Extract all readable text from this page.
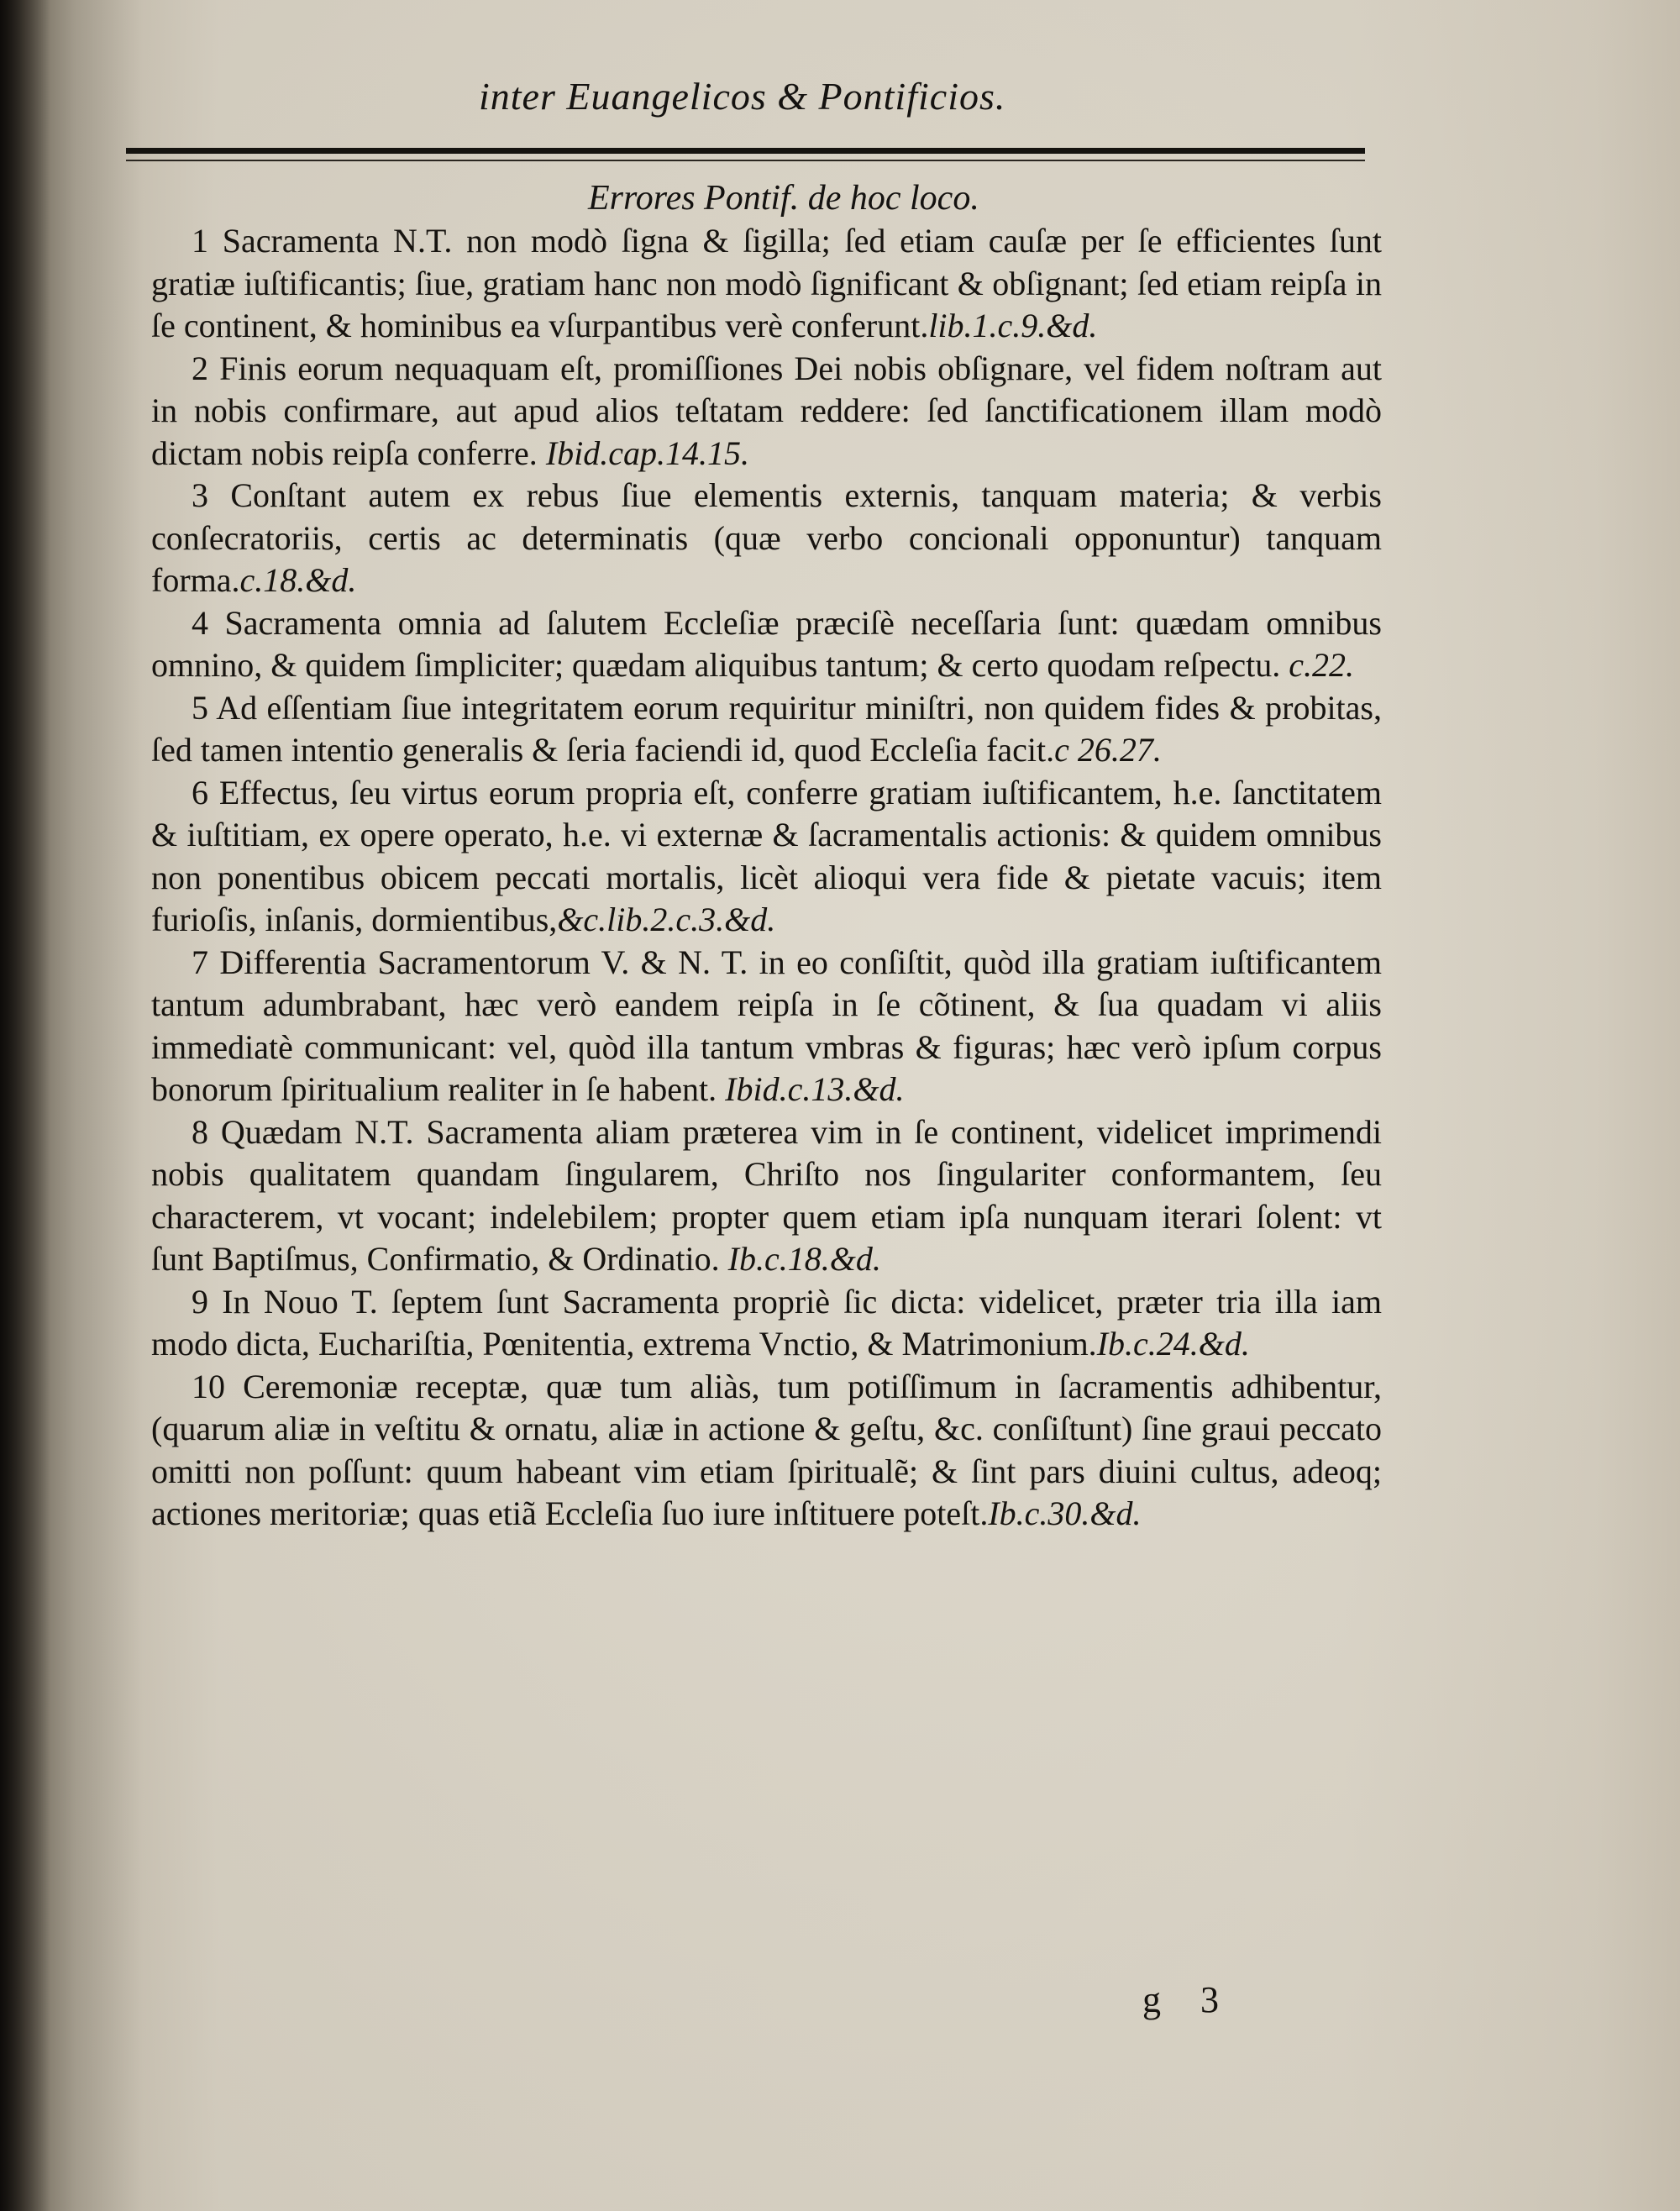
inter Euangelicos & Pontificios.
Errores Pontif. de hoc loco.

1 Sacramenta N.T. non modò ſigna & ſigilla; ſed etiam cauſæ per ſe efficientes ſunt gratiæ iuſtificantis; ſiue, gratiam hanc non modò ſignificant & obſignant; ſed etiam reipſa in ſe continent, & hominibus ea vſurpantibus verè conferunt.lib.1.c.9.&d.

2 Finis eorum nequaquam eſt, promiſſiones Dei nobis obſignare, vel fidem noſtram aut in nobis confirmare, aut apud alios teſtatam reddere: ſed ſanctificationem illam modò dictam nobis reipſa conferre. Ibid.cap.14.15.

3 Conſtant autem ex rebus ſiue elementis externis, tanquam materia; & verbis conſecratoriis, certis ac determinatis (quæ verbo concionali opponuntur) tanquam forma.c.18.&d.

4 Sacramenta omnia ad ſalutem Eccleſiæ præciſè neceſſaria ſunt: quædam omnibus omnino, & quidem ſimpliciter; quædam aliquibus tantum; & certo quodam reſpectu. c.22.

5 Ad eſſentiam ſiue integritatem eorum requiritur miniſtri, non quidem fides & probitas, ſed tamen intentio generalis & ſeria faciendi id, quod Eccleſia facit.c 26.27.

6 Effectus, ſeu virtus eorum propria eſt, conferre gratiam iuſtificantem, h.e. ſanctitatem & iuſtitiam, ex opere operato, h.e. vi externæ & ſacramentalis actionis: & quidem omnibus non ponentibus obicem peccati mortalis, licèt alioqui vera fide & pietate vacuis; item furioſis, inſanis, dormientibus,&c.lib.2.c.3.&d.

7 Differentia Sacramentorum V. & N. T. in eo conſiſtit, quòd illa gratiam iuſtificantem tantum adumbrabant, hæc verò eandem reipſa in ſe cõtinent, & ſua quadam vi aliis immediatè communicant: vel, quòd illa tantum vmbras & figuras; hæc verò ipſum corpus bonorum ſpiritualium realiter in ſe habent. Ibid.c.13.&d.

8 Quædam N.T. Sacramenta aliam præterea vim in ſe continent, videlicet imprimendi nobis qualitatem quandam ſingularem, Chriſto nos ſingulariter conformantem, ſeu characterem, vt vocant; indelebilem; propter quem etiam ipſa nunquam iterari ſolent: vt ſunt Baptiſmus, Confirmatio, & Ordinatio. Ib.c.18.&d.

9 In Nouo T. ſeptem ſunt Sacramenta propriè ſic dicta: videlicet, præter tria illa iam modo dicta, Euchariſtia, Pœnitentia, extrema Vnctio, & Matrimonium.Ib.c.24.&d.

10 Ceremoniæ receptæ, quæ tum aliàs, tum potiſſimum in ſacramentis adhibentur, (quarum aliæ in veſtitu & ornatu, aliæ in actione & geſtu, &c. conſiſtunt) ſine graui peccato omitti non poſſunt: quum habeant vim etiam ſpiritualẽ; & ſint pars diuini cultus, adeoq; actiones meritoriæ; quas etiã Eccleſia ſuo iure inſtituere poteſt.Ib.c.30.&d.

g 3
